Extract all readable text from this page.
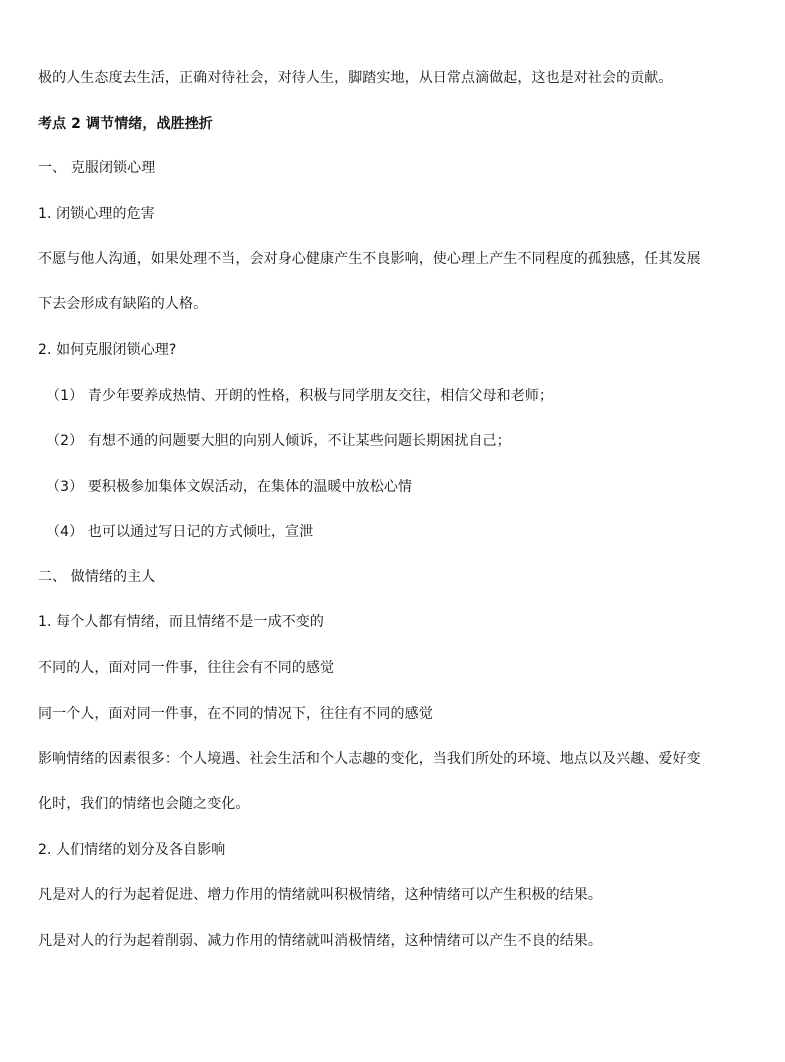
极的人生态度去生活，正确对待社会，对待人生，脚踏实地，从日常点滴做起，这也是对社会的贡献。
考点 2 调节情绪，战胜挫折
一、 克服闭锁心理
1. 闭锁心理的危害
不愿与他人沟通，如果处理不当，会对身心健康产生不良影响，使心理上产生不同程度的孤独感，任其发展
下去会形成有缺陷的人格。
2. 如何克服闭锁心理?
（1） 青少年要养成热情、开朗的性格，积极与同学朋友交往，相信父母和老师；
（2） 有想不通的问题要大胆的向别人倾诉，不让某些问题长期困扰自己；
（3） 要积极参加集体文娱活动，在集体的温暖中放松心情
（4） 也可以通过写日记的方式倾吐，宣泄
二、 做情绪的主人
1. 每个人都有情绪，而且情绪不是一成不变的
不同的人，面对同一件事，往往会有不同的感觉
同一个人，面对同一件事，在不同的情况下，往往有不同的感觉
影响情绪的因素很多：个人境遇、社会生活和个人志趣的变化，当我们所处的环境、地点以及兴趣、爱好变
化时，我们的情绪也会随之变化。
2. 人们情绪的划分及各自影响
凡是对人的行为起着促进、增力作用的情绪就叫积极情绪，这种情绪可以产生积极的结果。
凡是对人的行为起着削弱、减力作用的情绪就叫消极情绪，这种情绪可以产生不良的结果。
